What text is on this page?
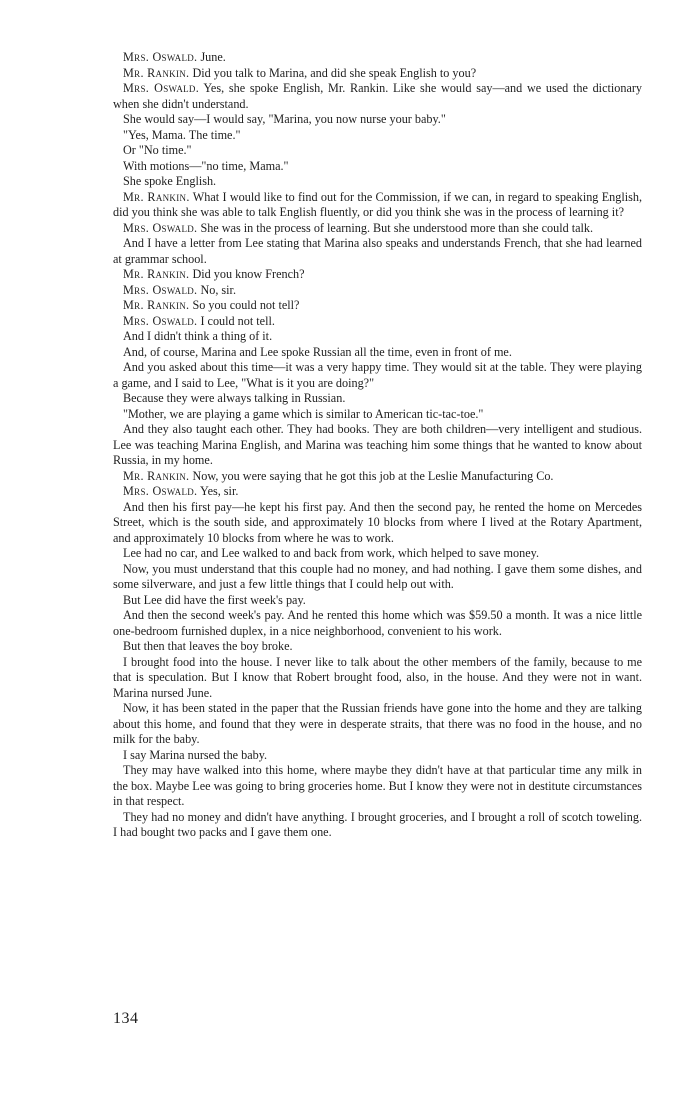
Mrs. Oswald. June.

Mr. Rankin. Did you talk to Marina, and did she speak English to you?

Mrs. Oswald. Yes, she spoke English, Mr. Rankin. Like she would say—and we used the dictionary when she didn't understand.

She would say—I would say, "Marina, you now nurse your baby."

"Yes, Mama. The time."

Or "No time."

With motions—"no time, Mama."

She spoke English.

Mr. Rankin. What I would like to find out for the Commission, if we can, in regard to speaking English, did you think she was able to talk English fluently, or did you think she was in the process of learning it?

Mrs. Oswald. She was in the process of learning. But she understood more than she could talk.

And I have a letter from Lee stating that Marina also speaks and understands French, that she had learned at grammar school.

Mr. Rankin. Did you know French?

Mrs. Oswald. No, sir.

Mr. Rankin. So you could not tell?

Mrs. Oswald. I could not tell.

And I didn't think a thing of it.

And, of course, Marina and Lee spoke Russian all the time, even in front of me.

And you asked about this time—it was a very happy time. They would sit at the table. They were playing a game, and I said to Lee, "What is it you are doing?"

Because they were always talking in Russian.

"Mother, we are playing a game which is similar to American tic-tac-toe."

And they also taught each other. They had books. They are both children—very intelligent and studious. Lee was teaching Marina English, and Marina was teaching him some things that he wanted to know about Russia, in my home.

Mr. Rankin. Now, you were saying that he got this job at the Leslie Manufacturing Co.

Mrs. Oswald. Yes, sir.

And then his first pay—he kept his first pay. And then the second pay, he rented the home on Mercedes Street, which is the south side, and approximately 10 blocks from where I lived at the Rotary Apartment, and approximately 10 blocks from where he was to work.

Lee had no car, and Lee walked to and back from work, which helped to save money.

Now, you must understand that this couple had no money, and had nothing. I gave them some dishes, and some silverware, and just a few little things that I could help out with.

But Lee did have the first week's pay.

And then the second week's pay. And he rented this home which was $59.50 a month. It was a nice little one-bedroom furnished duplex, in a nice neighborhood, convenient to his work.

But then that leaves the boy broke.

I brought food into the house. I never like to talk about the other members of the family, because to me that is speculation. But I know that Robert brought food, also, in the house. And they were not in want. Marina nursed June.

Now, it has been stated in the paper that the Russian friends have gone into the home and they are talking about this home, and found that they were in desperate straits, that there was no food in the house, and no milk for the baby.

I say Marina nursed the baby.

They may have walked into this home, where maybe they didn't have at that particular time any milk in the box. Maybe Lee was going to bring groceries home. But I know they were not in destitute circumstances in that respect.

They had no money and didn't have anything. I brought groceries, and I brought a roll of scotch toweling. I had bought two packs and I gave them one.

134
